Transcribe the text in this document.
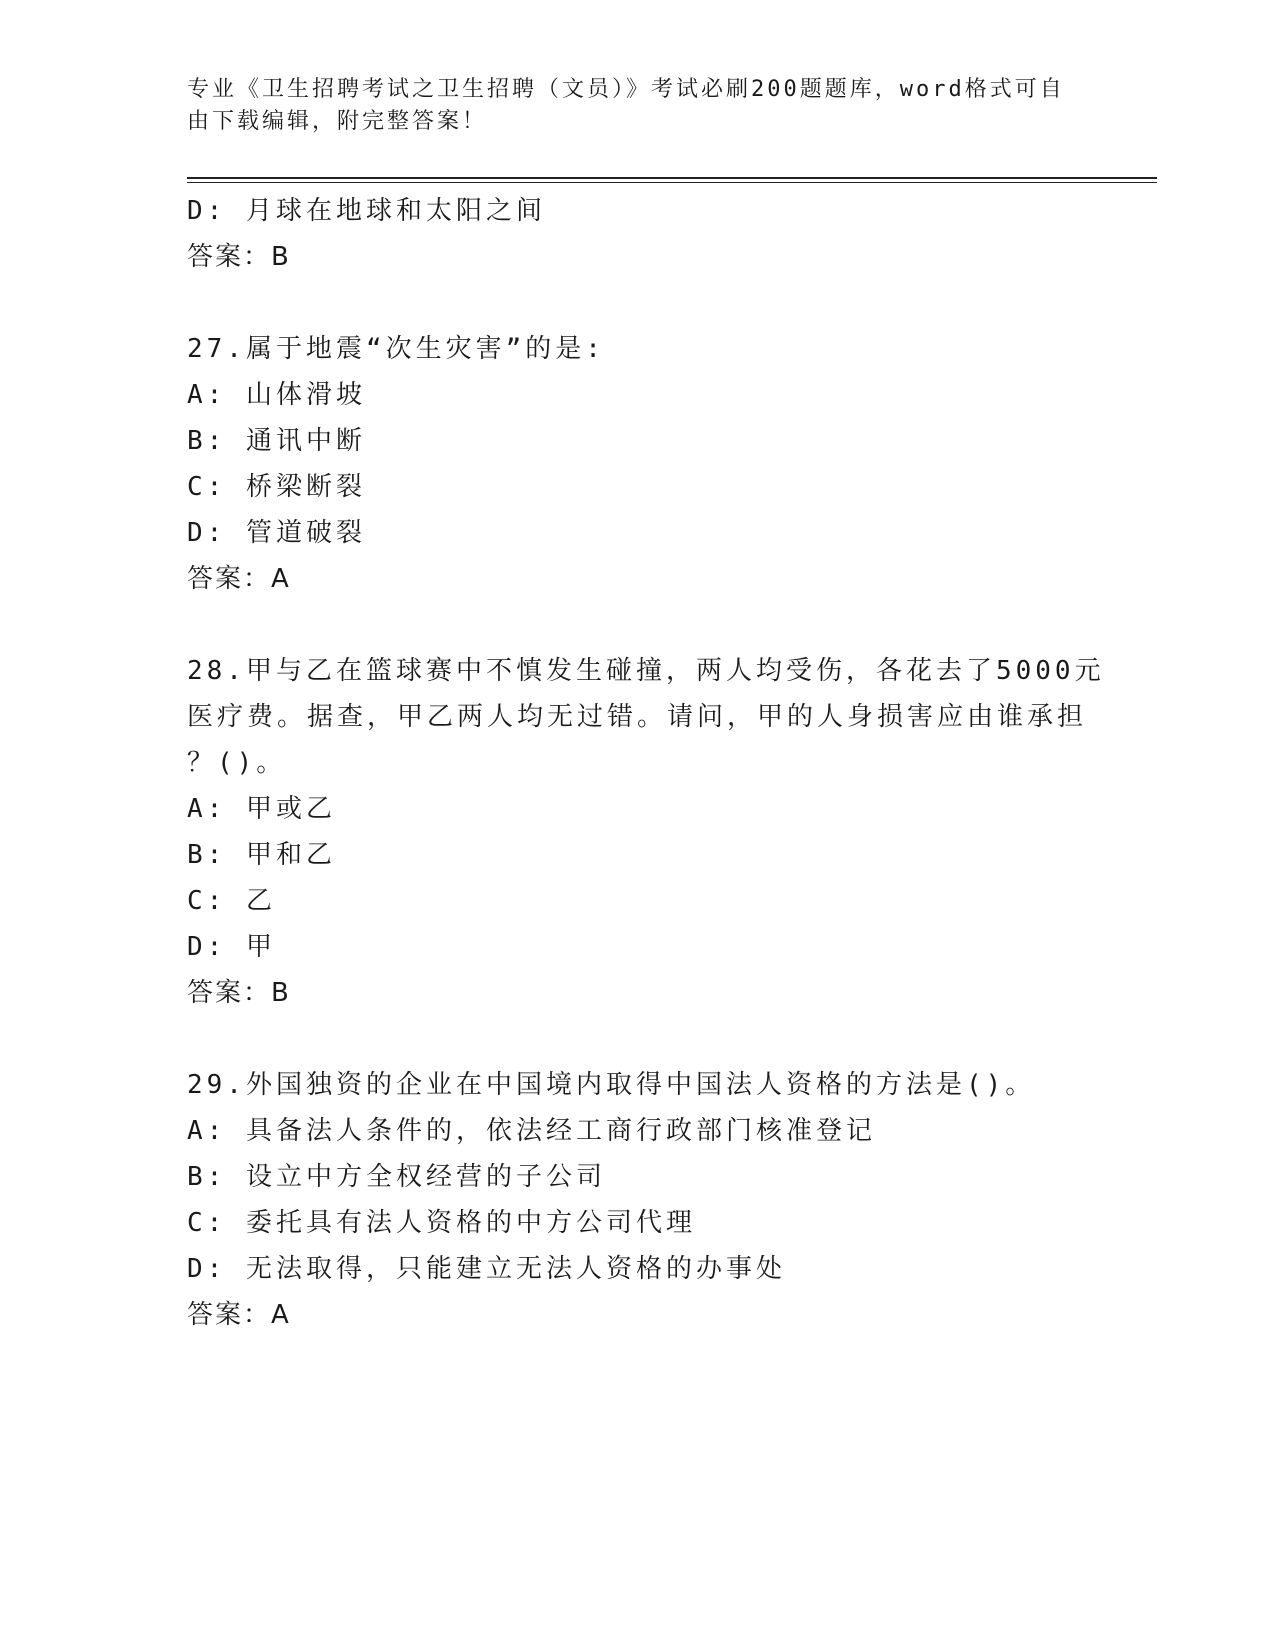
专业《卫生招聘考试之卫生招聘（文员）》考试必刷200题题库，word格式可自
由下载编辑，附完整答案！
D: 月球在地球和太阳之间
答案：B
27.属于地震“次生灾害”的是:
A: 山体滑坡
B: 通讯中断
C: 桥梁断裂
D: 管道破裂
答案：A
28.甲与乙在篮球赛中不慎发生碰撞，两人均受伤，各花去了5000元
医疗费。据查，甲乙两人均无过错。请问，甲的人身损害应由谁承担
？()。
A: 甲或乙
B: 甲和乙
C: 乙
D: 甲
答案：B
29.外国独资的企业在中国境内取得中国法人资格的方法是()。
A: 具备法人条件的，依法经工商行政部门核准登记
B: 设立中方全权经营的子公司
C: 委托具有法人资格的中方公司代理
D: 无法取得，只能建立无法人资格的办事处
答案：A
